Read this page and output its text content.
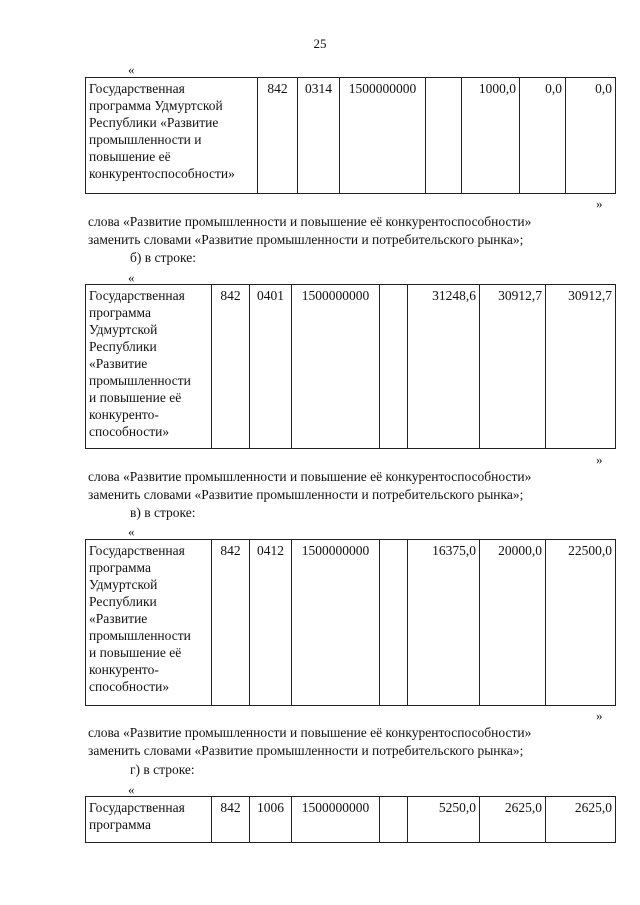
25
«
Государственная
программа Удмуртской
Республики «Развитие
промышленности и
повышение её
конкурентоспособности»
	842	0314	1500000000		1000,0	0,0	0,0
»
слова «Развитие промышленности и повышение её конкурентоспособности»
заменить словами «Развитие промышленности и потребительского рынка»;
б) в строке:
«
Государственная
программа
Удмуртской
Республики
«Развитие
промышленности
и повышение её
конкуренто-
способности»
	842	0401	1500000000		31248,6	30912,7	30912,7
»
слова «Развитие промышленности и повышение её конкурентоспособности»
заменить словами «Развитие промышленности и потребительского рынка»;
в) в строке:
«
Государственная
программа
Удмуртской
Республики
«Развитие
промышленности
и повышение её
конкуренто-
способности»
	842	0412	1500000000		16375,0	20000,0	22500,0
»
слова «Развитие промышленности и повышение её конкурентоспособности»
заменить словами «Развитие промышленности и потребительского рынка»;
г) в строке:
«
Государственная
программа
	842	1006	1500000000		5250,0	2625,0	2625,0
